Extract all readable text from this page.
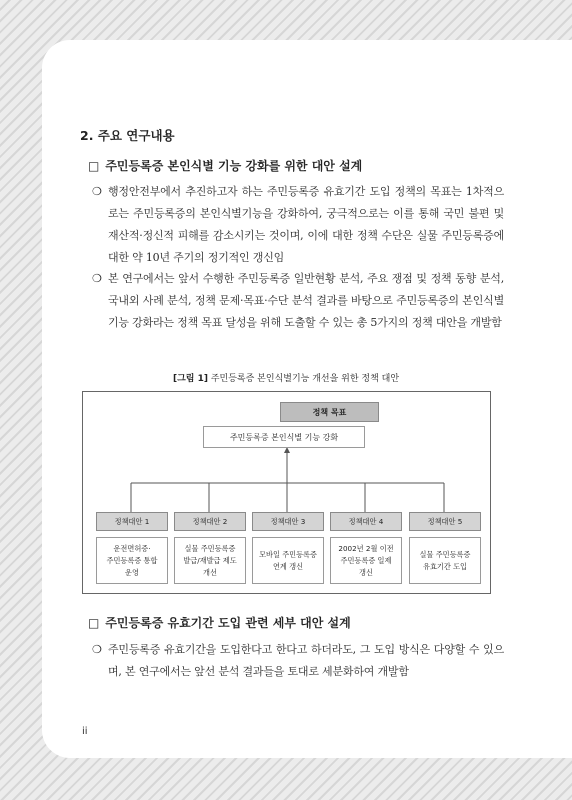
2. 주요 연구내용
□ 주민등록증 본인식별 기능 강화를 위한 대안 설계
❍ 행정안전부에서 추진하고자 하는 주민등록증 유효기간 도입 정책의 목표는 1차적으로는 주민등록증의 본인식별기능을 강화하여, 궁극적으로는 이를 통해 국민 불편 및 재산적·정신적 피해를 감소시키는 것이며, 이에 대한 정책 수단은 실물 주민등록증에 대한 약 10년 주기의 정기적인 갱신임
❍ 본 연구에서는 앞서 수행한 주민등록증 일반현황 분석, 주요 쟁점 및 정책 동향 분석, 국내외 사례 분석, 정책 문제·목표·수단 분석 결과를 바탕으로 주민등록증의 본인식별 기능 강화라는 정책 목표 달성을 위해 도출할 수 있는 총 5가지의 정책 대안을 개발함
[그림 1] 주민등록증 본인식별기능 개선을 위한 정책 대안
정책 목표
주민등록증 본인식별 기능 강화
정책대안 1	정책대안 2	정책대안 3	정책대안 4	정책대안 5
운전면허증·
주민등록증 통합
운영
실물 주민등록증
발급/재발급 제도
개선
모바일 주민등록증
연계 갱신
2002년 2월 이전
주민등록증 일제
갱신
실물 주민등록증
유효기간 도입
□ 주민등록증 유효기간 도입 관련 세부 대안 설계
❍ 주민등록증 유효기간을 도입한다고 한다고 하더라도, 그 도입 방식은 다양할 수 있으며, 본 연구에서는 앞선 분석 결과들을 토대로 세분화하여 개발함
ii
